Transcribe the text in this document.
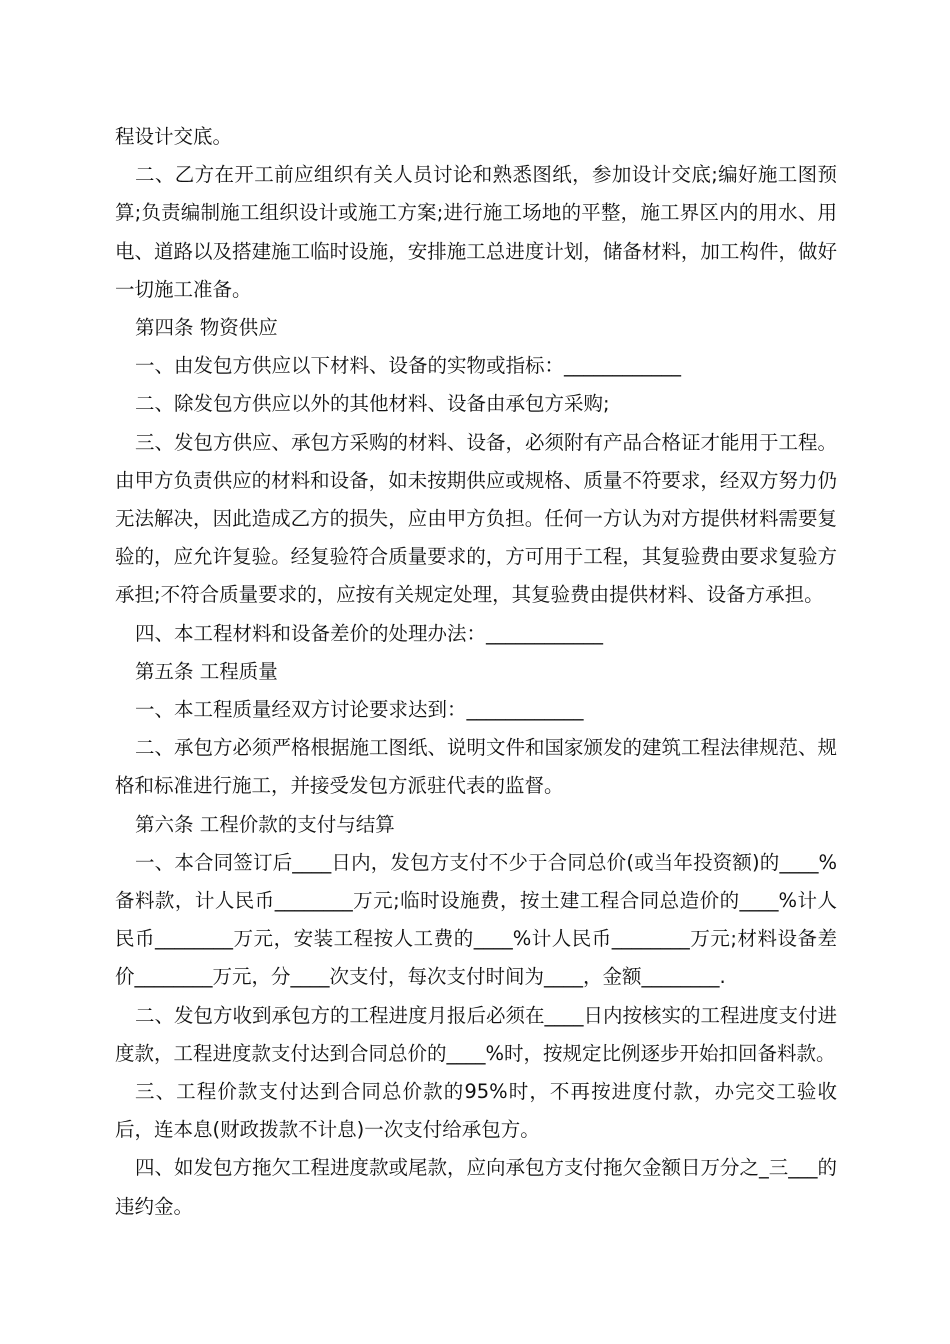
程设计交底。

二、乙方在开工前应组织有关人员讨论和熟悉图纸，参加设计交底;编好施工图预算;负责编制施工组织设计或施工方案;进行施工场地的平整，施工界区内的用水、用电、道路以及搭建施工临时设施，安排施工总进度计划，储备材料，加工构件，做好一切施工准备。

第四条 物资供应

一、由发包方供应以下材料、设备的实物或指标：____________

二、除发包方供应以外的其他材料、设备由承包方采购;

三、发包方供应、承包方采购的材料、设备，必须附有产品合格证才能用于工程。由甲方负责供应的材料和设备，如未按期供应或规格、质量不符要求，经双方努力仍无法解决，因此造成乙方的损失，应由甲方负担。任何一方认为对方提供材料需要复验的，应允许复验。经复验符合质量要求的，方可用于工程，其复验费由要求复验方承担;不符合质量要求的，应按有关规定处理，其复验费由提供材料、设备方承担。

四、本工程材料和设备差价的处理办法：____________

第五条 工程质量

一、本工程质量经双方讨论要求达到：____________

二、承包方必须严格根据施工图纸、说明文件和国家颁发的建筑工程法律规范、规格和标准进行施工，并接受发包方派驻代表的监督。

第六条 工程价款的支付与结算

一、本合同签订后____日内，发包方支付不少于合同总价(或当年投资额)的____%备料款，计人民币________万元;临时设施费，按土建工程合同总造价的____%计人民币________万元，安装工程按人工费的____%计人民币________万元;材料设备差价________万元，分____次支付，每次支付时间为____，金额________.

二、发包方收到承包方的工程进度月报后必须在____日内按核实的工程进度支付进度款，工程进度款支付达到合同总价的____%时，按规定比例逐步开始扣回备料款。

三、工程价款支付达到合同总价款的95%时，不再按进度付款，办完交工验收后，连本息(财政拨款不计息)一次支付给承包方。

四、如发包方拖欠工程进度款或尾款，应向承包方支付拖欠金额日万分之_三___的违约金。
